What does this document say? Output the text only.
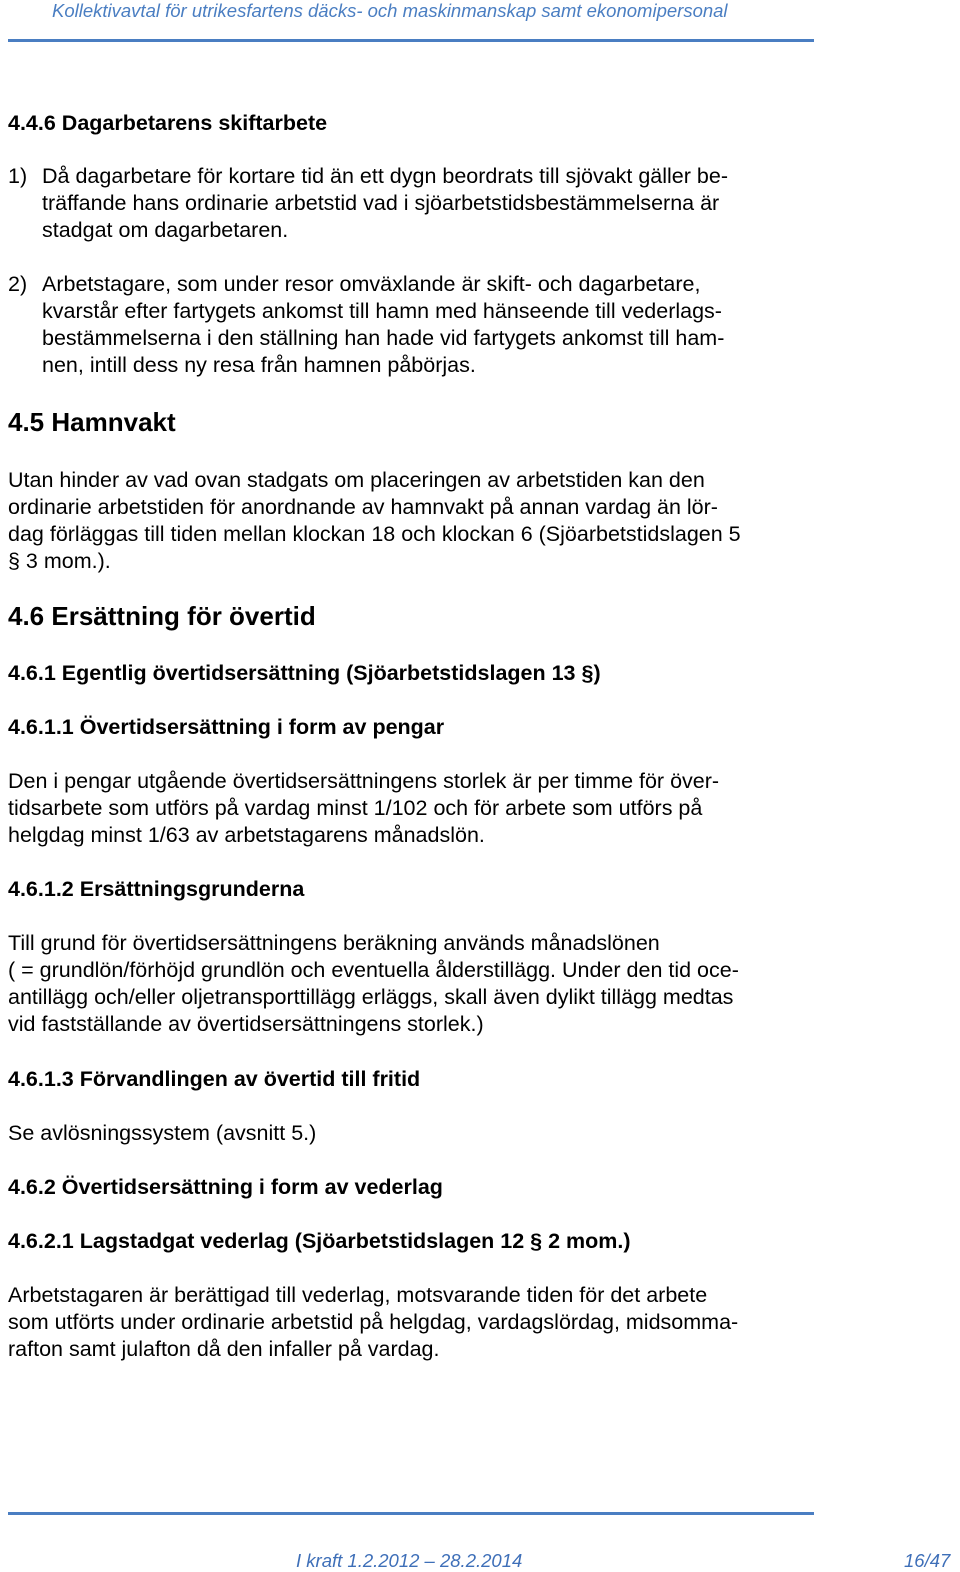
Kollektivavtal för utrikesfartens däcks- och maskinmanskap samt ekonomipersonal
4.4.6 Dagarbetarens skiftarbete
1) Då dagarbetare för kortare tid än ett dygn beordrats till sjövakt gäller be-
träffande hans ordinarie arbetstid vad i sjöarbetstidsbestämmelserna är
stadgat om dagarbetaren.
2) Arbetstagare, som under resor omväxlande är skift- och dagarbetare,
kvarstår efter fartygets ankomst till hamn med hänseende till vederlags-
bestämmelserna i den ställning han hade vid fartygets ankomst till ham-
nen, intill dess ny resa från hamnen påbörjas.
4.5 Hamnvakt
Utan hinder av vad ovan stadgats om placeringen av arbetstiden kan den
ordinarie arbetstiden för anordnande av hamnvakt på annan vardag än lör-
dag förläggas till tiden mellan klockan 18 och klockan 6 (Sjöarbetstidslagen 5
§ 3 mom.).
4.6 Ersättning för övertid
4.6.1 Egentlig övertidsersättning (Sjöarbetstidslagen 13 §)
4.6.1.1 Övertidsersättning i form av pengar
Den i pengar utgående övertidsersättningens storlek är per timme för över-
tidsarbete som utförs på vardag minst 1/102 och för arbete som utförs på
helgdag minst 1/63 av arbetstagarens månadslön.
4.6.1.2 Ersättningsgrunderna
Till grund för övertidsersättningens beräkning används månadslönen
( = grundlön/förhöjd grundlön och eventuella ålderstillägg. Under den tid oce-
antillägg och/eller oljetransporttillägg erläggs, skall även dylikt tillägg medtas
vid fastställande av övertidsersättningens storlek.)
4.6.1.3 Förvandlingen av övertid till fritid
Se avlösningssystem (avsnitt 5.)
4.6.2 Övertidsersättning i form av vederlag
4.6.2.1 Lagstadgat vederlag (Sjöarbetstidslagen 12 § 2 mom.)
Arbetstagaren är berättigad till vederlag, motsvarande tiden för det arbete
som utförts under ordinarie arbetstid på helgdag, vardagslördag, midsomma-
rafton samt julafton då den infaller på vardag.
I kraft 1.2.2012 – 28.2.2014	16/47
